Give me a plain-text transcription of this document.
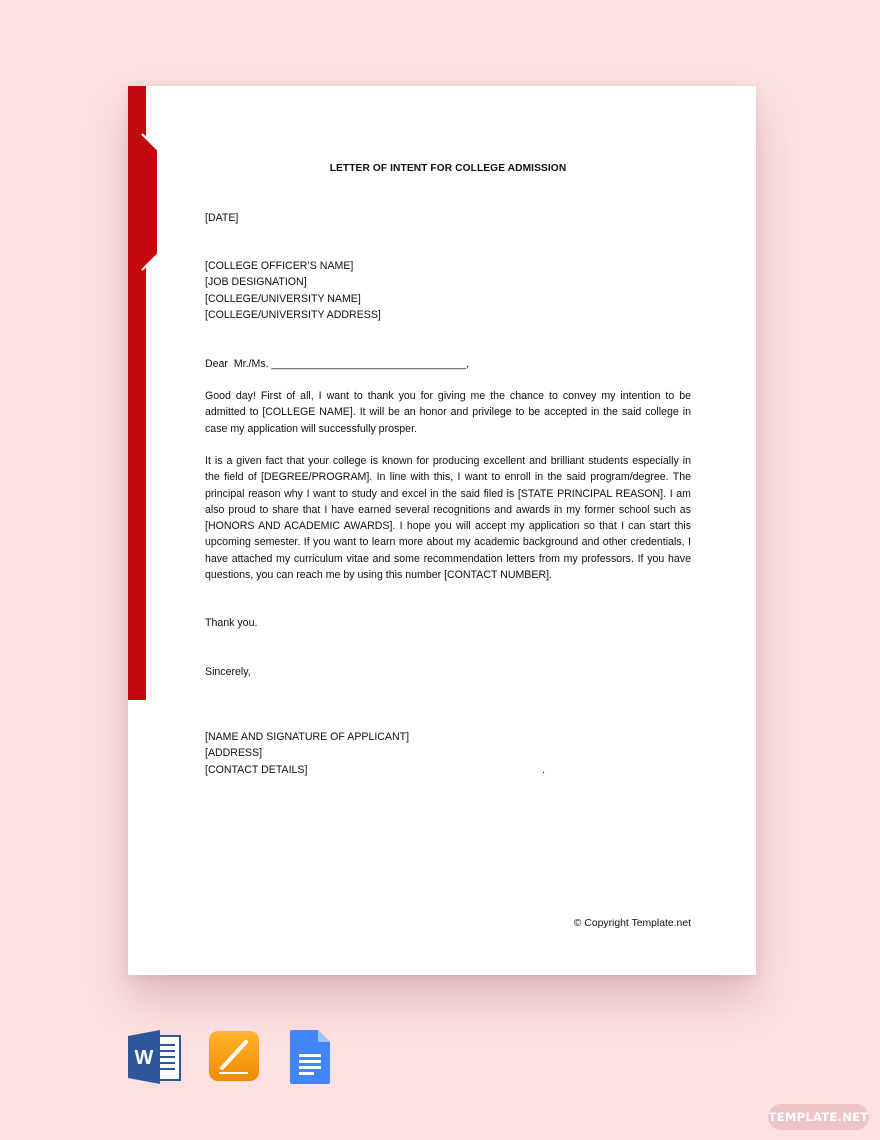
LETTER OF INTENT FOR COLLEGE ADMISSION

[DATE]

[COLLEGE OFFICER’S NAME]
[JOB DESIGNATION]
[COLLEGE/UNIVERSITY NAME]
[COLLEGE/UNIVERSITY ADDRESS]

Dear  Mr./Ms. _________________________________,

Good day! First of all, I want to thank you for giving me the chance to convey my intention to be admitted to [COLLEGE NAME]. It will be an honor and privilege to be accepted in the said college in case my application will successfully prosper.

It is a given fact that your college is known for producing excellent and brilliant students especially in the field of [DEGREE/PROGRAM]. In line with this, I want to enroll in the said program/degree. The principal reason why I want to study and excel in the said filed is [STATE PRINCIPAL REASON]. I am also proud to share that I have earned several recognitions and awards in my former school such as [HONORS AND ACADEMIC AWARDS]. I hope you will accept my application so that I can start this upcoming semester. If you want to learn more about my academic background and other credentials, I have attached my curriculum vitae and some recommendation letters from my professors. If you have questions, you can reach me by using this number [CONTACT NUMBER].

Thank you.

Sincerely,

[NAME AND SIGNATURE OF APPLICANT]
[ADDRESS]
[CONTACT DETAILS]	.
© Copyright Template.net
W
TEMPLATE.NET
